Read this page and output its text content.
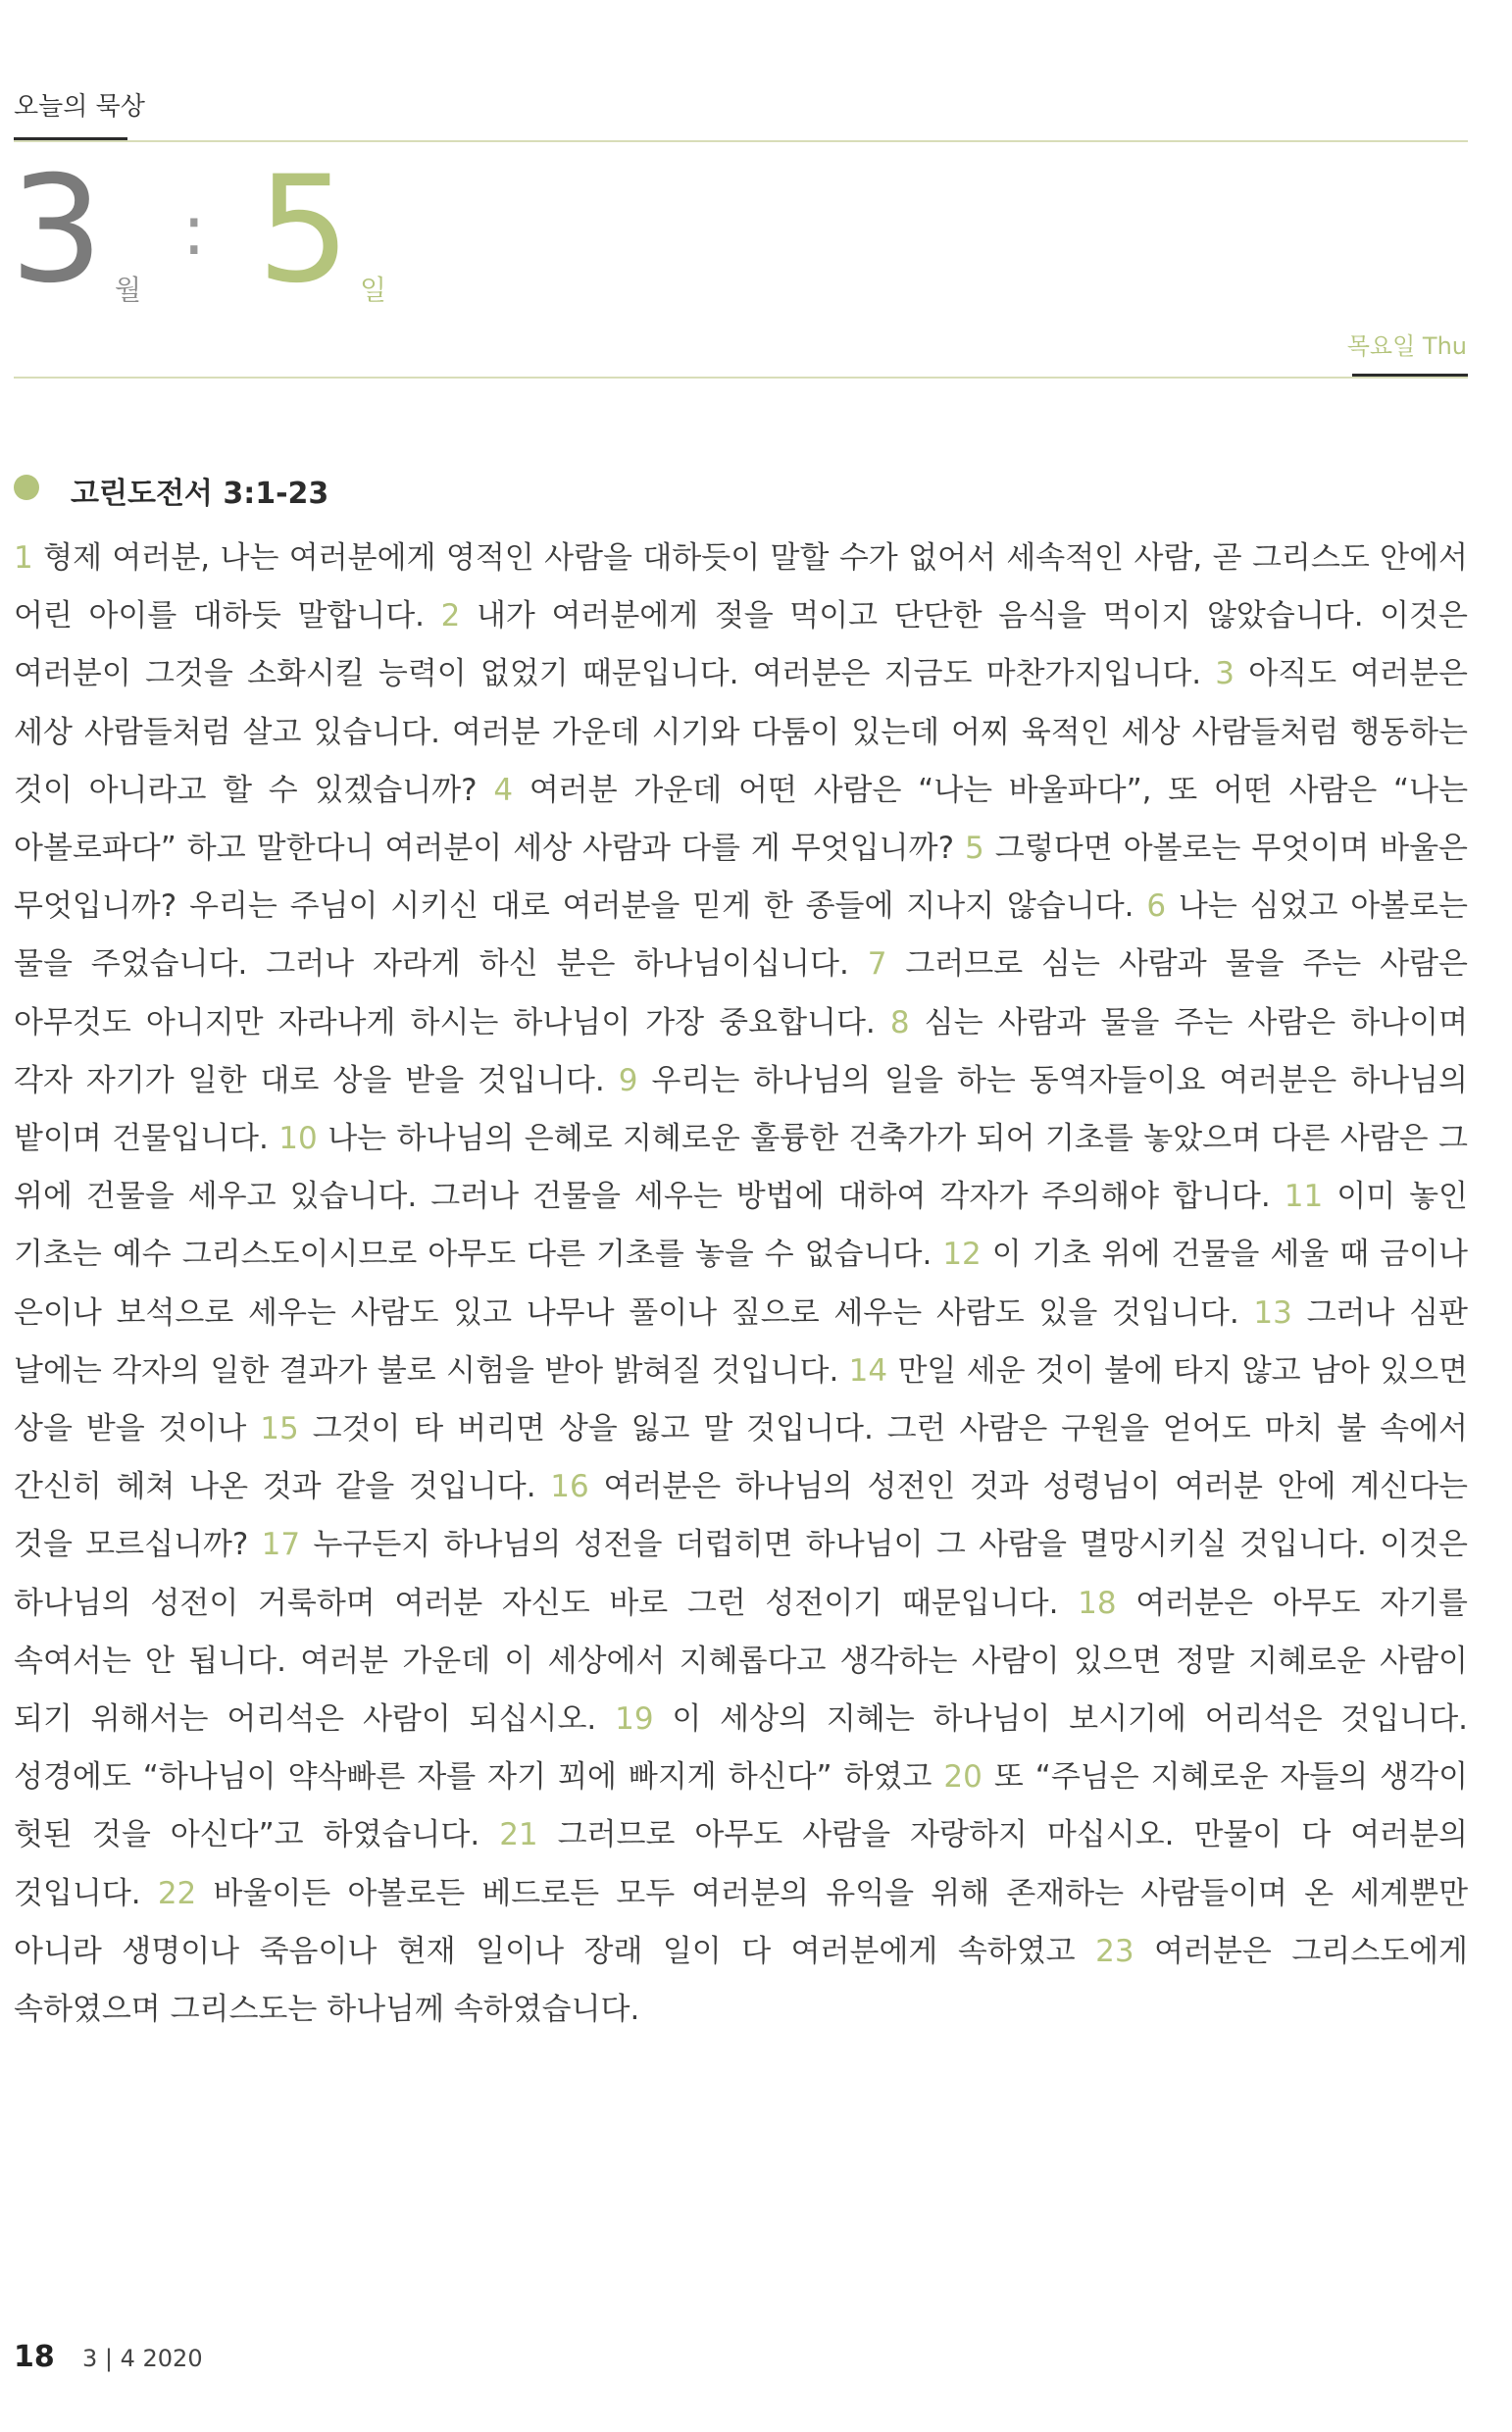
오늘의 묵상
3 월
: 5 일
목요일 Thu
고린도전서 3:1-23
1 형제 여러분, 나는 여러분에게 영적인 사람을 대하듯이 말할 수가 없어서 세속적인 사람, 곧 그리스도 안에서 어린 아이를 대하듯 말합니다. 2 내가 여러분에게 젖을 먹이고 단단한 음식을 먹이지 않았습니다. 이것은 여러분이 그것을 소화시킬 능력이 없었기 때문입니다. 여러분은 지금도 마찬가지입니다. 3 아직도 여러분은 세상 사람들처럼 살고 있습니다. 여러분 가운데 시기와 다툼이 있는데 어찌 육적인 세상 사람들처럼 행동하는 것이 아니라고 할 수 있겠습니까? 4 여러분 가운데 어떤 사람은 “나는 바울파다”, 또 어떤 사람은 “나는 아볼로파다” 하고 말한다니 여러분이 세상 사람과 다를 게 무엇입니까? 5 그렇다면 아볼로는 무엇이며 바울은 무엇입니까? 우리는 주님이 시키신 대로 여러분을 믿게 한 종들에 지나지 않습니다. 6 나는 심었고 아볼로는 물을 주었습니다. 그러나 자라게 하신 분은 하나님이십니다. 7 그러므로 심는 사람과 물을 주는 사람은 아무것도 아니지만 자라나게 하시는 하나님이 가장 중요합니다. 8 심는 사람과 물을 주는 사람은 하나이며 각자 자기가 일한 대로 상을 받을 것입니다. 9 우리는 하나님의 일을 하는 동역자들이요 여러분은 하나님의 밭이며 건물입니다. 10 나는 하나님의 은혜로 지혜로운 훌륭한 건축가가 되어 기초를 놓았으며 다른 사람은 그 위에 건물을 세우고 있습니다. 그러나 건물을 세우는 방법에 대하여 각자가 주의해야 합니다. 11 이미 놓인 기초는 예수 그리스도이시므로 아무도 다른 기초를 놓을 수 없습니다. 12 이 기초 위에 건물을 세울 때 금이나 은이나 보석으로 세우는 사람도 있고 나무나 풀이나 짚으로 세우는 사람도 있을 것입니다. 13 그러나 심판 날에는 각자의 일한 결과가 불로 시험을 받아 밝혀질 것입니다. 14 만일 세운 것이 불에 타지 않고 남아 있으면 상을 받을 것이나 15 그것이 타 버리면 상을 잃고 말 것입니다. 그런 사람은 구원을 얻어도 마치 불 속에서 간신히 헤쳐 나온 것과 같을 것입니다. 16 여러분은 하나님의 성전인 것과 성령님이 여러분 안에 계신다는 것을 모르십니까? 17 누구든지 하나님의 성전을 더럽히면 하나님이 그 사람을 멸망시키실 것입니다. 이것은 하나님의 성전이 거룩하며 여러분 자신도 바로 그런 성전이기 때문입니다. 18 여러분은 아무도 자기를 속여서는 안 됩니다. 여러분 가운데 이 세상에서 지혜롭다고 생각하는 사람이 있으면 정말 지혜로운 사람이 되기 위해서는 어리석은 사람이 되십시오. 19 이 세상의 지혜는 하나님이 보시기에 어리석은 것입니다. 성경에도 “하나님이 약삭빠른 자를 자기 꾀에 빠지게 하신다” 하였고 20 또 “주님은 지혜로운 자들의 생각이 헛된 것을 아신다”고 하였습니다. 21 그러므로 아무도 사람을 자랑하지 마십시오. 만물이 다 여러분의 것입니다. 22 바울이든 아볼로든 베드로든 모두 여러분의 유익을 위해 존재하는 사람들이며 온 세계뿐만 아니라 생명이나 죽음이나 현재 일이나 장래 일이 다 여러분에게 속하였고 23 여러분은 그리스도에게 속하였으며 그리스도는 하나님께 속하였습니다.
18 3 | 4 2020
